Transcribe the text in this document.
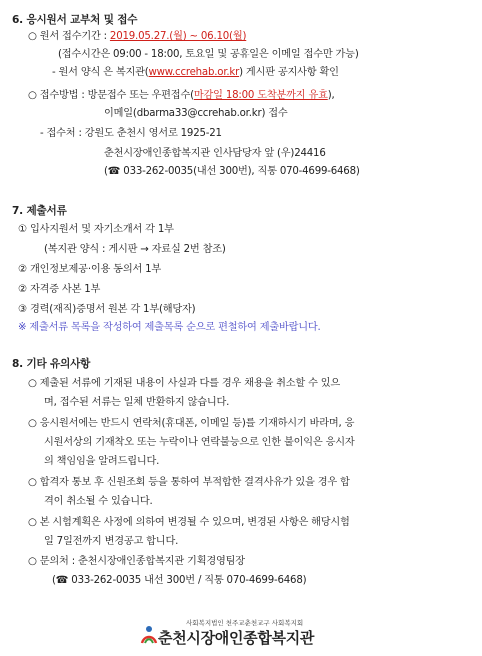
6. 응시원서 교부처 및 접수
○ 원서 접수기간 : 2019.05.27.(월) ~ 06.10(월)
(접수시간은 09:00 - 18:00, 토요일 및 공휴일은 이메일 접수만 가능)
- 원서 양식 은 복지관(www.ccrehab.or.kr) 게시판 공지사항 확인
○ 접수방법 : 방문접수 또는 우편접수(마감일 18:00 도착분까지 유효),
이메일(dbarma33@ccrehab.or.kr) 접수
- 접수처 : 강원도 춘천시 영서로 1925-21
춘천시장애인종합복지관 인사담당자 앞 (우)24416
(☎ 033-262-0035(내선 300번), 직통 070-4699-6468)
7. 제출서류
① 입사지원서 및 자기소개서 각 1부
(복지관 양식 : 게시판 → 자료실 2번 참조)
② 개인정보제공·이용 동의서 1부
② 자격증 사본 1부
③ 경력(재직)증명서 원본 각 1부(해당자)
※ 제출서류 목록을 작성하여 제출목록 순으로 편철하여 제출바랍니다.
8. 기타 유의사항
○ 제출된 서류에 기재된 내용이 사실과 다를 경우 채용을 취소할 수 있으
며, 접수된 서류는 일체 반환하지 않습니다.
○ 응시원서에는 반드시 연락처(휴대폰, 이메일 등)를 기재하시기 바라며, 응
시원서상의 기재착오 또는 누락이나 연락불능으로 인한 불이익은 응시자
의 책임임을 알려드립니다.
○ 합격자 통보 후 신원조회 등을 통하여 부적합한 결격사유가 있을 경우 합
격이 취소될 수 있습니다.
○ 본 시험계획은 사정에 의하여 변경될 수 있으며, 변경된 사항은 해당시험
일 7일전까지 변경공고 합니다.
○ 문의처 : 춘천시장애인종합복지관 기획경영팀장
(☎ 033-262-0035 내선 300번 / 직통 070-4699-6468)
사회복지법인 천주교춘천교구 사회복지회
춘천시장애인종합복지관
